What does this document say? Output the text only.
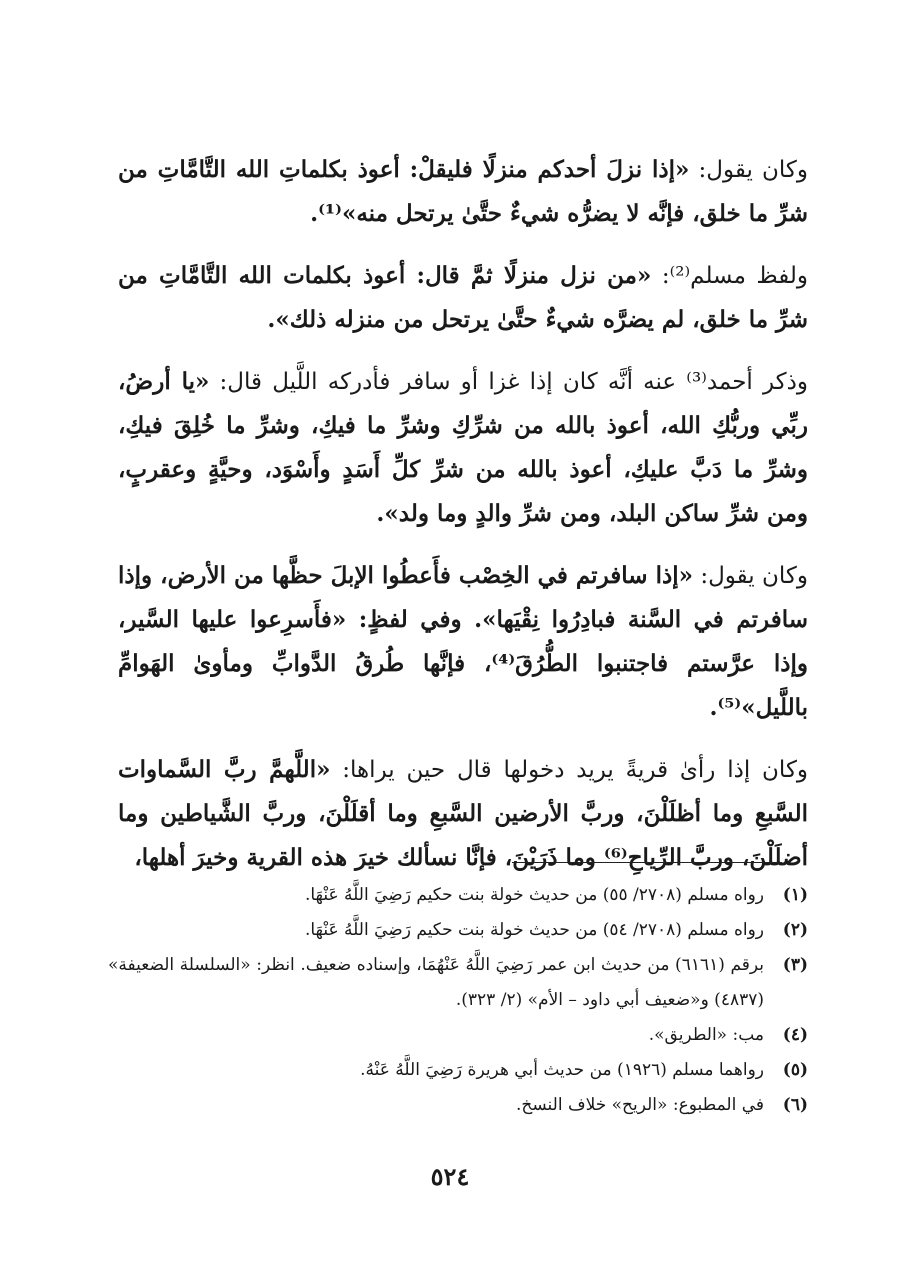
وكان يقول: «إذا نزلَ أحدكم منزلًا فليقلْ: أعوذ بكلماتِ الله التَّامَّاتِ من شرِّ ما خلق، فإنَّه لا يضرُّه شيءٌ حتَّىٰ يرتحل منه»⁽¹⁾.

ولفظ مسلم⁽²⁾: «من نزل منزلًا ثمَّ قال: أعوذ بكلمات الله التَّامَّاتِ من شرِّ ما خلق، لم يضرَّه شيءٌ حتَّىٰ يرتحل من منزله ذلك».

وذكر أحمد⁽³⁾ عنه أنَّه كان إذا غزا أو سافر فأدركه اللَّيل قال: «يا أرضُ، ربِّي وربُّكِ الله، أعوذ بالله من شرِّكِ وشرِّ ما فيكِ، وشرِّ ما خُلِقَ فيكِ، وشرِّ ما دَبَّ عليكِ، أعوذ بالله من شرِّ كلِّ أَسَدٍ وأَسْوَد، وحيَّةٍ وعقربٍ، ومن شرِّ ساكن البلد، ومن شرِّ والدٍ وما ولد».

وكان يقول: «إذا سافرتم في الخِصْب فأَعطُوا الإبلَ حظَّها من الأرض، وإذا سافرتم في السَّنة فبادِرُوا نِقْيَها». وفي لفظٍ: «فأَسرِعوا عليها السَّير، وإذا عرَّستم فاجتنبوا الطُّرُقَ⁽⁴⁾، فإنَّها طُرقُ الدَّوابِّ ومأوىٰ الهَوامِّ باللَّيل»⁽⁵⁾.

وكان إذا رأىٰ قريةً يريد دخولها قال حين يراها: «اللَّهمَّ ربَّ السَّماوات السَّبعِ وما أظلَلْنَ، وربَّ الأرضين السَّبعِ وما أقلَلْنَ، وربَّ الشَّياطين وما أضلَلْنَ، وربَّ الرِّياحِ⁽⁶⁾ وما ذَرَيْنَ، فإنَّا نسألك خيرَ هذه القرية وخيرَ أهلها،

(١)
رواه مسلم (٢٧٠٨/ ٥٥) من حديث خولة بنت حكيم رَضِيَ اللَّهُ عَنْهَا.
(٢)
رواه مسلم (٢٧٠٨/ ٥٤) من حديث خولة بنت حكيم رَضِيَ اللَّهُ عَنْهَا.
(٣)
برقم (٦١٦١) من حديث ابن عمر رَضِيَ اللَّهُ عَنْهُمَا، وإسناده ضعيف. انظر: «السلسلة الضعيفة» (٤٨٣٧) و«ضعيف أبي داود – الأم» (٢/ ٣٢٣).
(٤)
مب: «الطريق».
(٥)
رواهما مسلم (١٩٢٦) من حديث أبي هريرة رَضِيَ اللَّهُ عَنْهُ.
(٦)
في المطبوع: «الريح» خلاف النسخ.
٥٢٤
